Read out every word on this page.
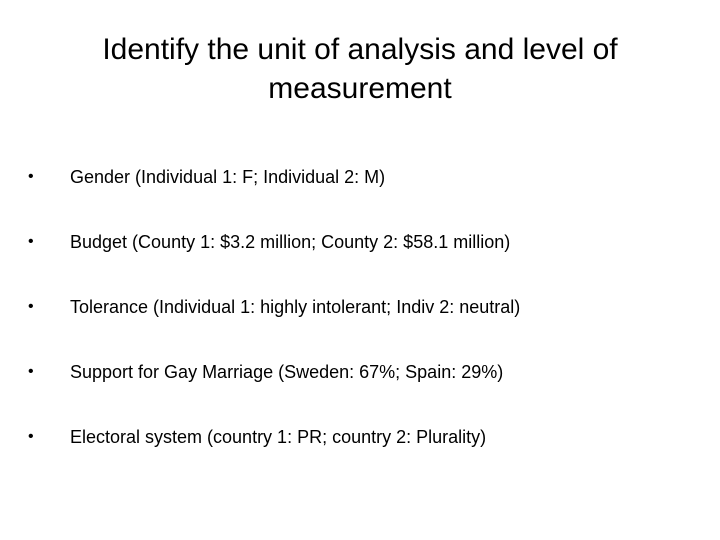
Identify the unit of analysis and level of
measurement
•	Gender (Individual 1: F; Individual 2: M)
•	Budget (County 1: $3.2 million; County 2: $58.1 million)
•	Tolerance (Individual 1: highly intolerant; Indiv 2: neutral)
•	Support for Gay Marriage (Sweden: 67%; Spain: 29%)
•	Electoral system (country 1: PR; country 2: Plurality)
